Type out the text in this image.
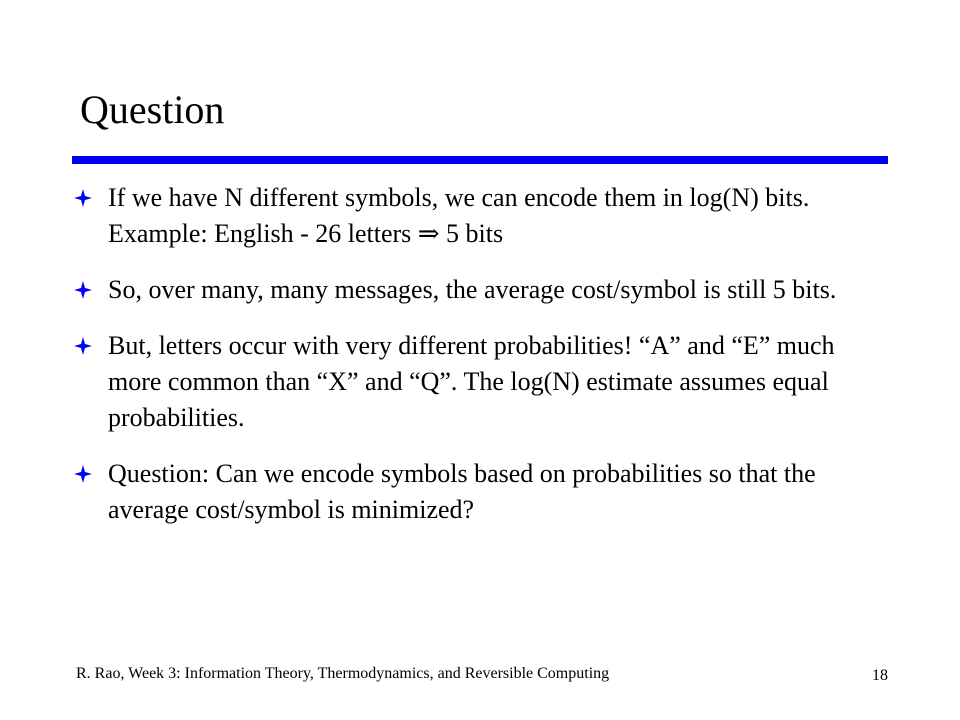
Question
If we have N different symbols, we can encode them in log(N) bits. Example: English - 26 letters ⇒ 5 bits
So, over many, many messages, the average cost/symbol is still 5 bits.
But, letters occur with very different probabilities! “A” and “E” much more common than “X” and “Q”. The log(N) estimate assumes equal probabilities.
Question: Can we encode symbols based on probabilities so that the average cost/symbol is minimized?
R. Rao, Week 3: Information Theory, Thermodynamics, and Reversible Computing	18
